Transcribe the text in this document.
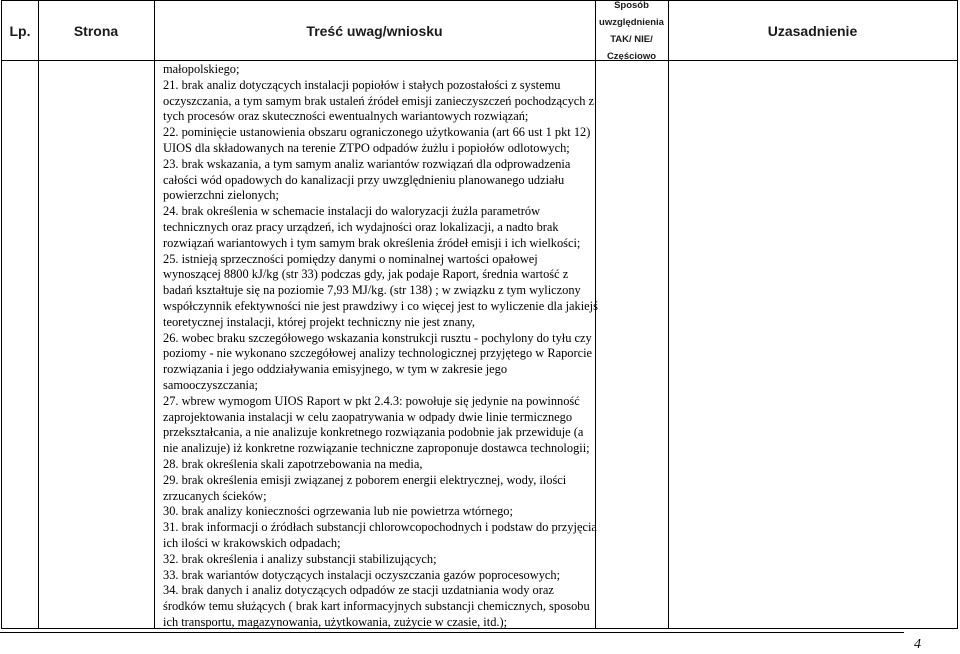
Lp.	Strona	Treść uwag/wniosku
Sposób
uwzględnienia
TAK/ NIE/
Częściowo
Uzasadnienie

małopolskiego;

21. brak analiz dotyczących instalacji popiołów i stałych pozostałości z systemu oczyszczania, a tym samym brak ustaleń źródeł emisji zanieczyszczeń pochodzących z tych procesów oraz skuteczności ewentualnych wariantowych rozwiązań;

22. pominięcie ustanowienia obszaru ograniczonego użytkowania (art 66 ust 1 pkt 12) UIOS dla składowanych na terenie ZTPO odpadów żużlu i popiołów odlotowych;

23. brak wskazania, a tym samym analiz wariantów rozwiązań dla odprowadzenia całości wód opadowych do kanalizacji przy uwzględnieniu planowanego udziału powierzchni zielonych;

24. brak określenia w schemacie instalacji do waloryzacji żużla parametrów technicznych oraz pracy urządzeń, ich wydajności oraz lokalizacji, a nadto brak rozwiązań wariantowych i tym samym brak określenia źródeł emisji i ich wielkości;

25. istnieją sprzeczności pomiędzy danymi o nominalnej wartości opałowej wynoszącej 8800 kJ/kg (str 33) podczas gdy, jak podaje Raport, średnia wartość z badań kształtuje się na poziomie 7,93 MJ/kg. (str 138) ; w związku z tym wyliczony współczynnik efektywności nie jest prawdziwy i co więcej jest to wyliczenie dla jakiejś teoretycznej instalacji, której projekt techniczny nie jest znany,

26. wobec braku szczegółowego wskazania konstrukcji rusztu - pochylony do tyłu czy poziomy - nie wykonano szczegółowej analizy technologicznej przyjętego w Raporcie rozwiązania i jego oddziaływania emisyjnego, w tym w zakresie jego samooczyszczania;

27. wbrew wymogom UIOS Raport w pkt 2.4.3: powołuje się jedynie na powinność zaprojektowania instalacji w celu zaopatrywania w odpady dwie linie termicznego przekształcania, a nie analizuje konkretnego rozwiązania podobnie jak przewiduje (a nie analizuje) iż konkretne rozwiązanie techniczne zaproponuje dostawca technologii;

28. brak określenia skali zapotrzebowania na media,

29. brak określenia emisji związanej z poborem energii elektrycznej, wody, ilości zrzucanych ścieków;

30. brak analizy konieczności ogrzewania lub nie powietrza wtórnego;

31. brak informacji o źródłach substancji chlorowcopochodnych i podstaw do przyjęcia ich ilości w krakowskich odpadach;

32. brak określenia i analizy substancji stabilizujących;

33. brak wariantów dotyczących instalacji oczyszczania gazów poprocesowych;

34. brak danych i analiz dotyczących odpadów ze stacji uzdatniania wody oraz środków temu służących ( brak kart informacyjnych substancji chemicznych, sposobu ich transportu, magazynowania, użytkowania, zużycie w czasie, itd.);

4
